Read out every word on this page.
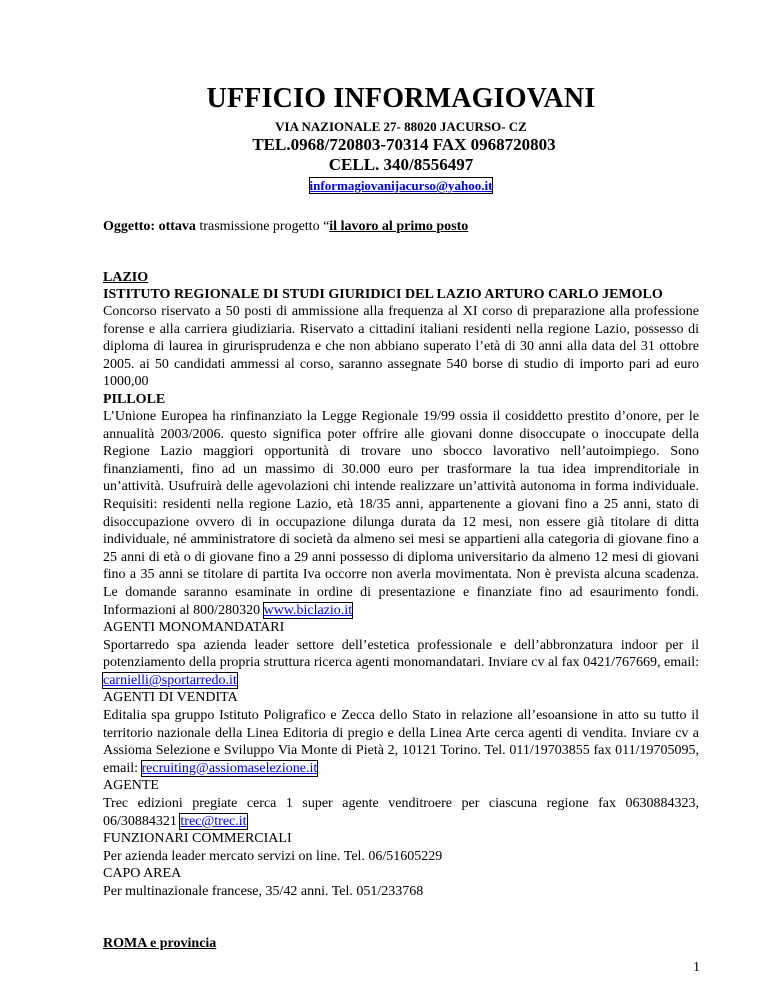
UFFICIO INFORMAGIOVANI
VIA NAZIONALE 27- 88020 JACURSO- CZ
TEL.0968/720803-70314 FAX 0968720803
CELL. 340/8556497
informagiovanijacurso@yahoo.it
Oggetto: ottava trasmissione progetto “il lavoro al primo posto
LAZIO
ISTITUTO REGIONALE DI STUDI GIURIDICI DEL LAZIO ARTURO CARLO JEMOLO
Concorso riservato a 50 posti di ammissione alla frequenza al XI corso di preparazione alla professione forense e alla carriera giudiziaria. Riservato a cittadini italiani residenti nella regione Lazio, possesso di diploma di laurea in girurisprudenza e che non abbiano superato l’età di 30 anni alla data del 31 ottobre 2005. ai 50 candidati ammessi al corso, saranno assegnate 540 borse di studio di importo pari ad euro 1000,00
PILLOLE
L’Unione Europea ha rinfinanziato la Legge Regionale 19/99 ossia il cosiddetto prestito d’onore, per le annualità 2003/2006. questo significa poter offrire alle giovani donne disoccupate o inoccupate della Regione Lazio maggiori opportunità di trovare uno sbocco lavorativo nell’autoimpiego. Sono finanziamenti, fino ad un massimo di 30.000 euro per trasformare la tua idea imprenditoriale in un’attività. Usufruirà delle agevolazioni chi intende realizzare un’attività autonoma in forma individuale. Requisiti: residenti nella regione Lazio, età 18/35 anni, appartenente a giovani fino a 25 anni, stato di disoccupazione ovvero di in occupazione dilunga durata da 12 mesi, non essere già titolare di ditta individuale, né amministratore di società da almeno sei mesi se appartieni alla categoria di giovane fino a 25 anni di età o di giovane fino a 29 anni possesso di diploma universitario da almeno 12 mesi di giovani fino a 35 anni se titolare di partita Iva occorre non averla movimentata. Non è prevista alcuna scadenza. Le domande saranno esaminate in ordine di presentazione e finanziate fino ad esaurimento fondi. Informazioni al 800/280320 www.biclazio.it
AGENTI MONOMANDATARI
Sportarredo spa azienda leader settore dell’estetica professionale e dell’abbronzatura indoor per il potenziamento della propria struttura ricerca agenti monomandatari. Inviare cv al fax 0421/767669, email: carnielli@sportarredo.it
AGENTI DI VENDITA
Editalia spa gruppo Istituto Poligrafico e Zecca dello Stato in relazione all’esoansione in atto su tutto il territorio nazionale della Linea Editoria di pregio e della Linea Arte cerca agenti di vendita. Inviare cv a Assioma Selezione e Sviluppo Via Monte di Pietà 2, 10121 Torino. Tel. 011/19703855 fax 011/19705095, email: recruiting@assiomaselezione.it
AGENTE
Trec edizioni pregiate cerca 1 super agente venditroere per ciascuna regione fax 0630884323, 06/30884321 trec@trec.it
FUNZIONARI COMMERCIALI
Per azienda leader mercato servizi on line. Tel. 06/51605229
CAPO AREA
Per multinazionale francese, 35/42 anni. Tel. 051/233768
ROMA e provincia
1
